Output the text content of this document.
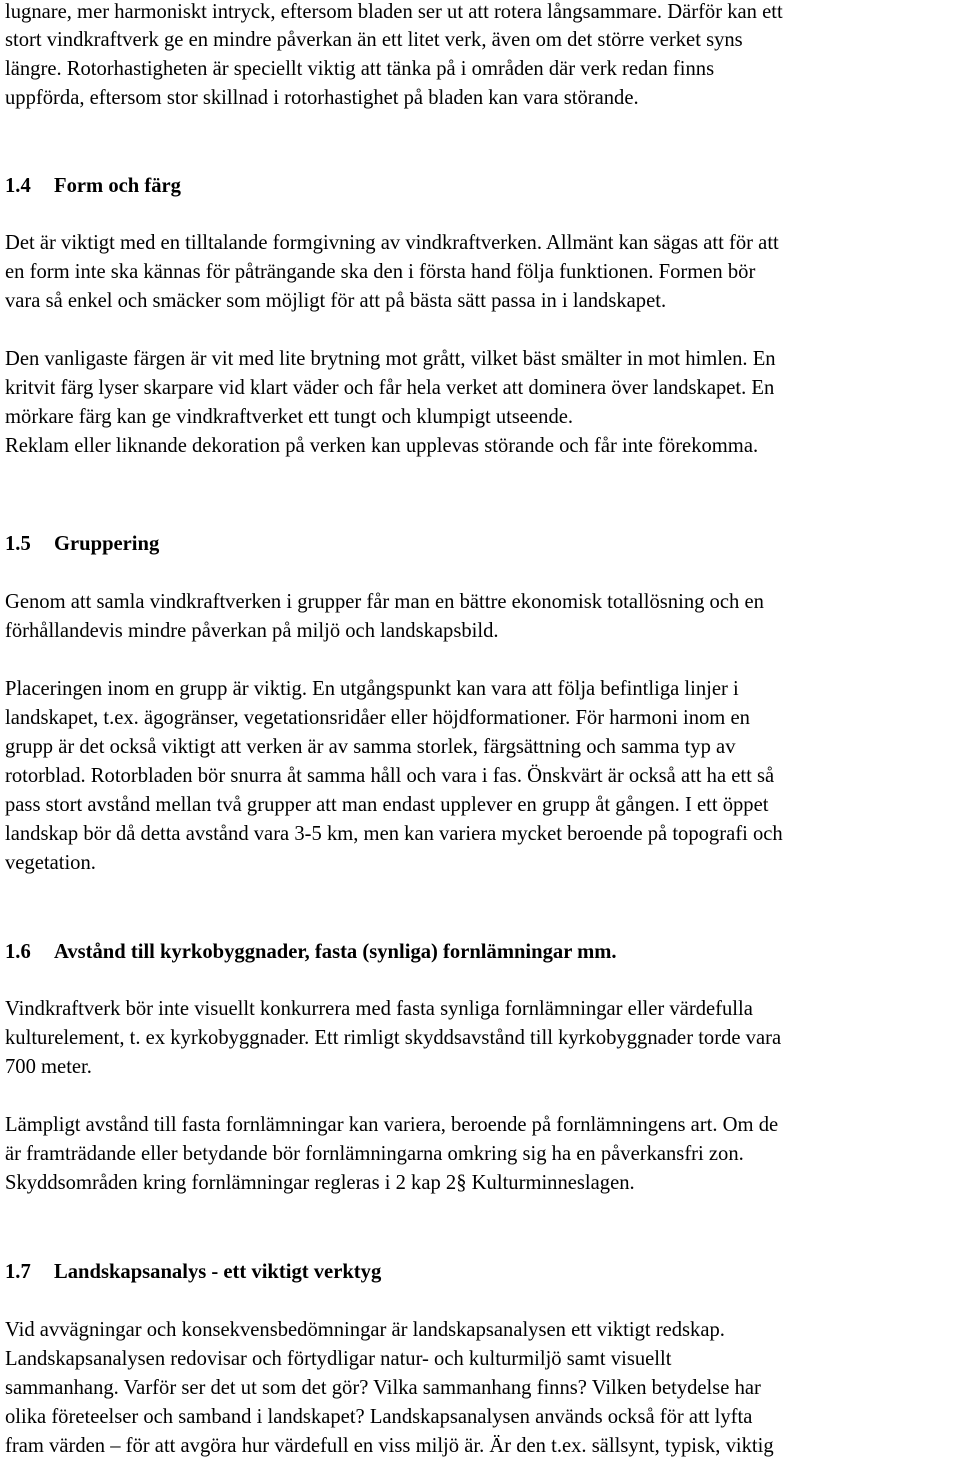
lugnare, mer harmoniskt intryck, eftersom bladen ser ut att rotera långsammare. Därför kan ett
stort vindkraftverk ge en mindre påverkan än ett litet verk, även om det större verket syns
längre. Rotorhastigheten är speciellt viktig att tänka på i områden där verk redan finns
uppförda, eftersom stor skillnad i rotorhastighet på bladen kan vara störande.
1.4 Form och färg
Det är viktigt med en tilltalande formgivning av vindkraftverken. Allmänt kan sägas att för att
en form inte ska kännas för påträngande ska den i första hand följa funktionen. Formen bör
vara så enkel och smäcker som möjligt för att på bästa sätt passa in i landskapet.
Den vanligaste färgen är vit med lite brytning mot grått, vilket bäst smälter in mot himlen. En
kritvit färg lyser skarpare vid klart väder och får hela verket att dominera över landskapet. En
mörkare färg kan ge vindkraftverket ett tungt och klumpigt utseende.
Reklam eller liknande dekoration på verken kan upplevas störande och får inte förekomma.
1.5 Gruppering
Genom att samla vindkraftverken i grupper får man en bättre ekonomisk totallösning och en
förhållandevis mindre påverkan på miljö och landskapsbild.
Placeringen inom en grupp är viktig. En utgångspunkt kan vara att följa befintliga linjer i
landskapet, t.ex. ägogränser, vegetationsridåer eller höjdformationer. För harmoni inom en
grupp är det också viktigt att verken är av samma storlek, färgsättning och samma typ av
rotorblad. Rotorbladen bör snurra åt samma håll och vara i fas. Önskvärt är också att ha ett så
pass stort avstånd mellan två grupper att man endast upplever en grupp åt gången. I ett öppet
landskap bör då detta avstånd vara 3-5 km, men kan variera mycket beroende på topografi och
vegetation.
1.6 Avstånd till kyrkobyggnader, fasta (synliga) fornlämningar mm.
Vindkraftverk bör inte visuellt konkurrera med fasta synliga fornlämningar eller värdefulla
kulturelement, t. ex kyrkobyggnader. Ett rimligt skyddsavstånd till kyrkobyggnader torde vara
700 meter.
Lämpligt avstånd till fasta fornlämningar kan variera, beroende på fornlämningens art. Om de
är framträdande eller betydande bör fornlämningarna omkring sig ha en påverkansfri zon.
Skyddsområden kring fornlämningar regleras i 2 kap 2§ Kulturminneslagen.
1.7 Landskapsanalys - ett viktigt verktyg
Vid avvägningar och konsekvensbedömningar är landskapsanalysen ett viktigt redskap.
Landskapsanalysen redovisar och förtydligar natur- och kulturmiljö samt visuellt
sammanhang. Varför ser det ut som det gör? Vilka sammanhang finns? Vilken betydelse har
olika företeelser och samband i landskapet? Landskapsanalysen används också för att lyfta
fram värden – för att avgöra hur värdefull en viss miljö är. Är den t.ex. sällsynt, typisk, viktig
